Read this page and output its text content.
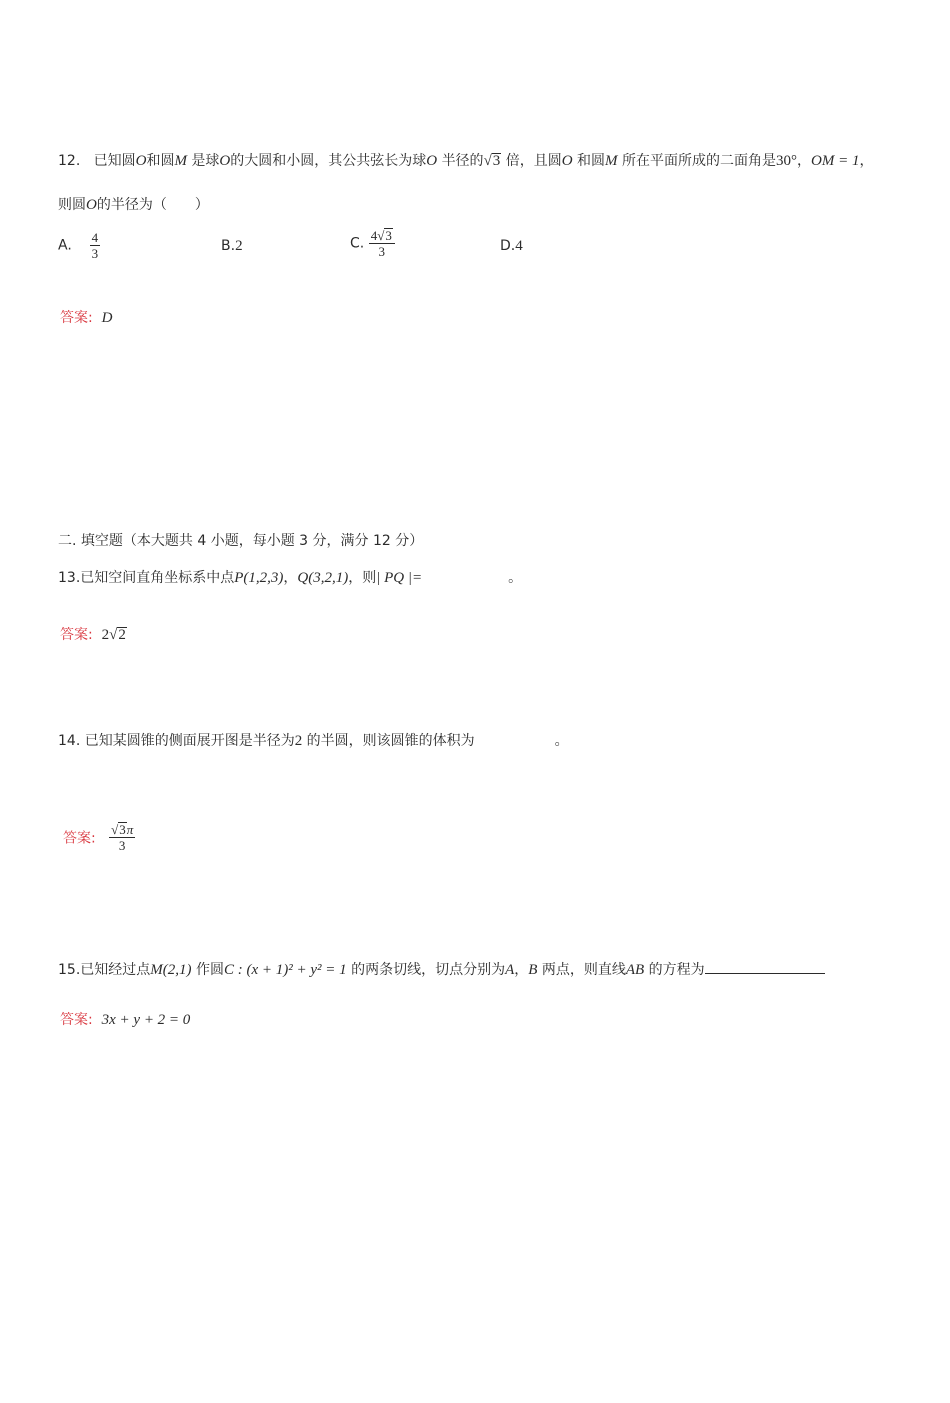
12. 已知圆O和圆M 是球O的大圆和小圆，其公共弦长为球O 半径的√3 倍，且圆O 和圆M 所在平面所成的二面角是30°，OM = 1，
则圆O的半径为（　　）
A. $\frac{4}{3}$	B.2	C. $\frac{4√3}{3}$	D.4
答案: D
二. 填空题（本大题共 4 小题，每小题 3 分，满分 12 分）
13.已知空间直角坐标系中点P(1,2,3)，Q(3,2,1)，则| PQ |=	。
答案: 2√2
14. 已知某圆锥的侧面展开图是半径为2 的半圆，则该圆锥的体积为	。
答案: $\frac{√3\pi}{3}$
15.已知经过点M(2,1) 作圆C : (x + 1)² + y² = 1 的两条切线，切点分别为A，B 两点，则直线AB 的方程为
答案: 3x + y + 2 = 0
